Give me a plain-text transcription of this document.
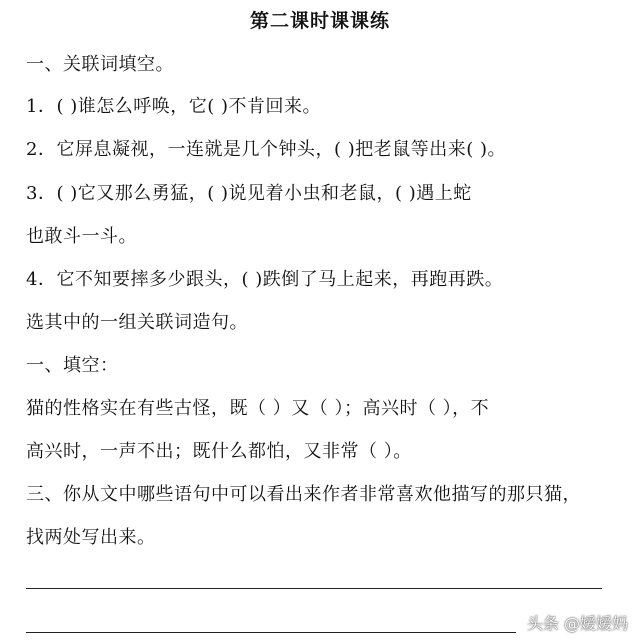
第二课时课课练
一、关联词填空。
1．( )谁怎么呼唤，它( )不肯回来。
2．它屏息凝视，一连就是几个钟头，( )把老鼠等出来( )。
3．( )它又那么勇猛，( )说见着小虫和老鼠，( )遇上蛇
也敢斗一斗。
4．它不知要摔多少跟头，( )跌倒了马上起来，再跑再跌。
选其中的一组关联词造句。
一、填空：
猫的性格实在有些古怪，既（ ）又（ ）；高兴时（ ），不
高兴时，一声不出；既什么都怕，又非常（ ）。
三、你从文中哪些语句中可以看出来作者非常喜欢他描写的那只猫，
找两处写出来。
头条 @嫒嫒妈
